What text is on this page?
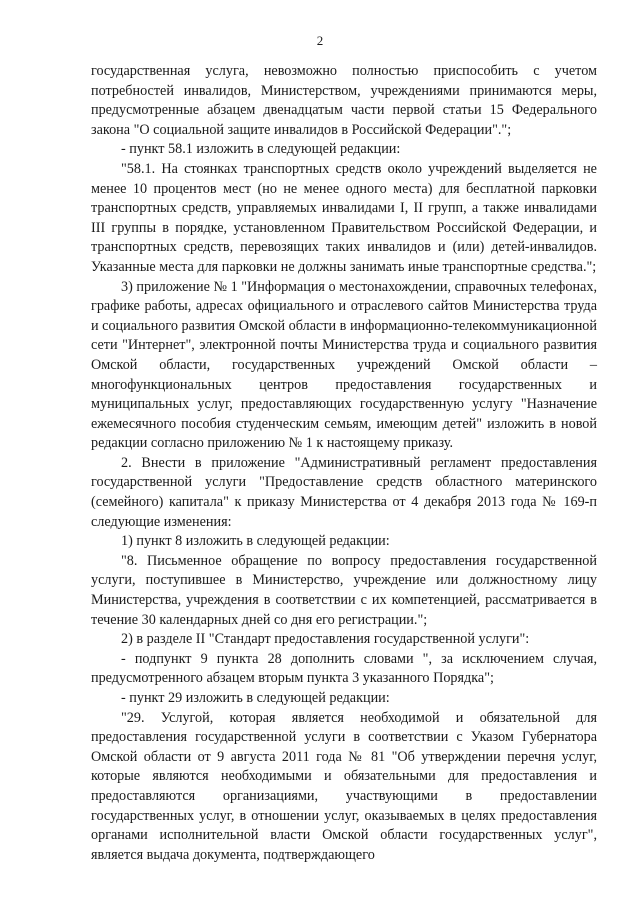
2

государственная услуга, невозможно полностью приспособить с учетом потребностей инвалидов, Министерством, учреждениями принимаются меры, предусмотренные абзацем двенадцатым части первой статьи 15 Федерального закона "О социальной защите инвалидов в Российской Федерации".";

- пункт 58.1 изложить в следующей редакции:

"58.1. На стоянках транспортных средств около учреждений выделяется не менее 10 процентов мест (но не менее одного места) для бесплатной парковки транспортных средств, управляемых инвалидами I, II групп, а также инвалидами III группы в порядке, установленном Правительством Российской Федерации, и транспортных средств, перевозящих таких инвалидов и (или) детей-инвалидов. Указанные места для парковки не должны занимать иные транспортные средства.";

3) приложение № 1 "Информация о местонахождении, справочных телефонах, графике работы, адресах официального и отраслевого сайтов Министерства труда и социального развития Омской области в информационно-телекоммуникационной сети "Интернет", электронной почты Министерства труда и социального развития Омской области, государственных учреждений Омской области – многофункциональных центров предоставления государственных и муниципальных услуг, предоставляющих государственную услугу "Назначение ежемесячного пособия студенческим семьям, имеющим детей" изложить в новой редакции согласно приложению № 1 к настоящему приказу.

2. Внести в приложение "Административный регламент предоставления государственной услуги "Предоставление средств областного материнского (семейного) капитала" к приказу Министерства от 4 декабря 2013 года № 169-п следующие изменения:

1) пункт 8 изложить в следующей редакции:

"8. Письменное обращение по вопросу предоставления государственной услуги, поступившее в Министерство, учреждение или должностному лицу Министерства, учреждения в соответствии с их компетенцией, рассматривается в течение 30 календарных дней со дня его регистрации.";

2) в разделе II "Стандарт предоставления государственной услуги":

- подпункт 9 пункта 28 дополнить словами ", за исключением случая, предусмотренного абзацем вторым пункта 3 указанного Порядка";

- пункт 29 изложить в следующей редакции:

"29. Услугой, которая является необходимой и обязательной для предоставления государственной услуги в соответствии с Указом Губернатора Омской области от 9 августа 2011 года № 81 "Об утверждении перечня услуг, которые являются необходимыми и обязательными для предоставления и предоставляются организациями, участвующими в предоставлении государственных услуг, в отношении услуг, оказываемых в целях предоставления органами исполнительной власти Омской области государственных услуг", является выдача документа, подтверждающего
